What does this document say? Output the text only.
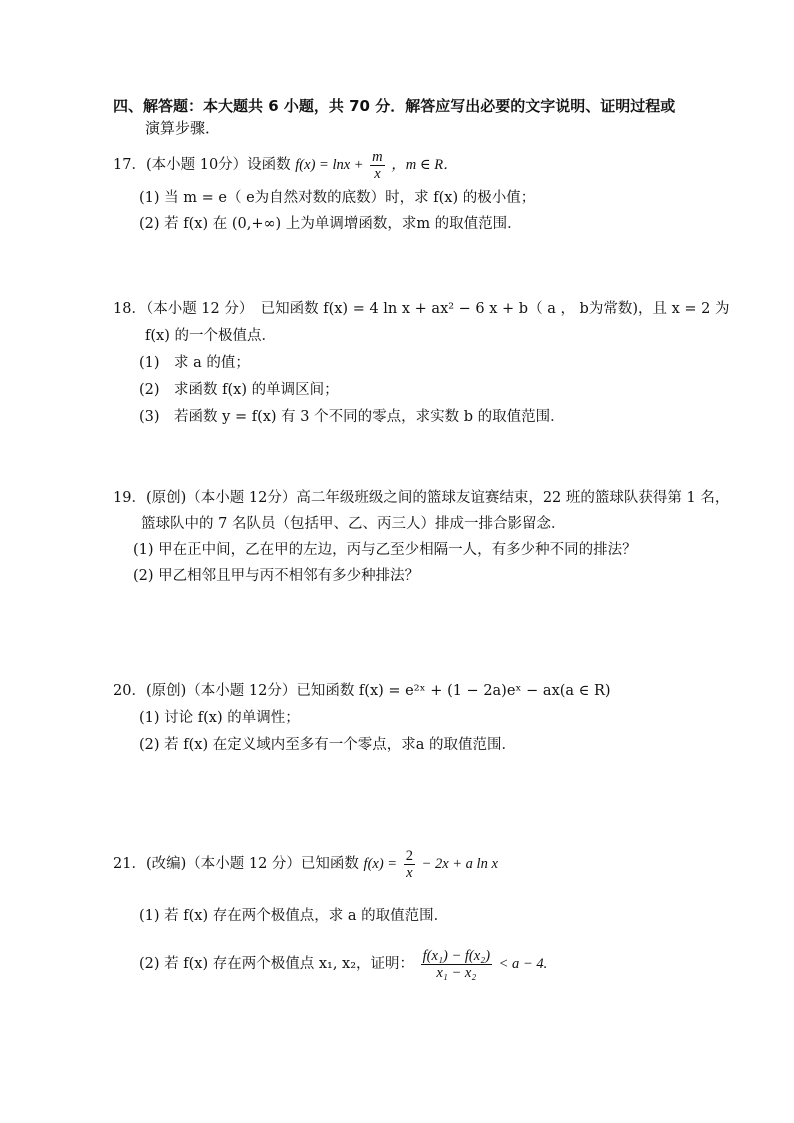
四、解答题：本大题共 6 小题，共 70 分．解答应写出必要的文字说明、证明过程或
演算步骤．
17．(本小题 10分）设函数 $f(x) = \ln x + \frac{m}{x}$ ，m ∈ R．
(1) 当 m = e（ e为自然对数的底数）时，求 f(x) 的极小值；
(2) 若 f(x) 在 (0,+∞) 上为单调增函数，求m 的取值范围．
18．（本小题 12 分）　已知函数 f(x) = 4 ln x + ax² − 6 x + b（ a ， b为常数)，且 x = 2 为
f(x) 的一个极值点．
(1)　求 a 的值；
(2)　求函数 f(x) 的单调区间；
(3)　若函数 y = f(x) 有 3 个不同的零点，求实数 b 的取值范围．
19．(原创)（本小题 12分）高二年级班级之间的篮球友谊赛结束，22 班的篮球队获得第 1 名，
篮球队中的 7 名队员（包括甲、乙、丙三人）排成一排合影留念．
(1) 甲在正中间，乙在甲的左边，丙与乙至少相隔一人，有多少种不同的排法？
(2) 甲乙相邻且甲与丙不相邻有多少种排法？
20．(原创)（本小题 12分）已知函数 f(x) = e²ˣ + (1 − 2a)eˣ − ax(a ∈ R)
(1) 讨论 f(x) 的单调性；
(2) 若 f(x) 在定义域内至多有一个零点，求a 的取值范围．
21．(改编)（本小题 12 分）已知函数 $f(x) = \frac{2}{x} - 2x + a$ ln x
(1) 若 f(x) 存在两个极值点，求 a 的取值范围．
(2) 若 f(x) 存在两个极值点 x₁, x₂，证明： $\frac{\text{f(x₁) − f(x₂)}}{\text{x₁ − x₂}} < a - 4$.
